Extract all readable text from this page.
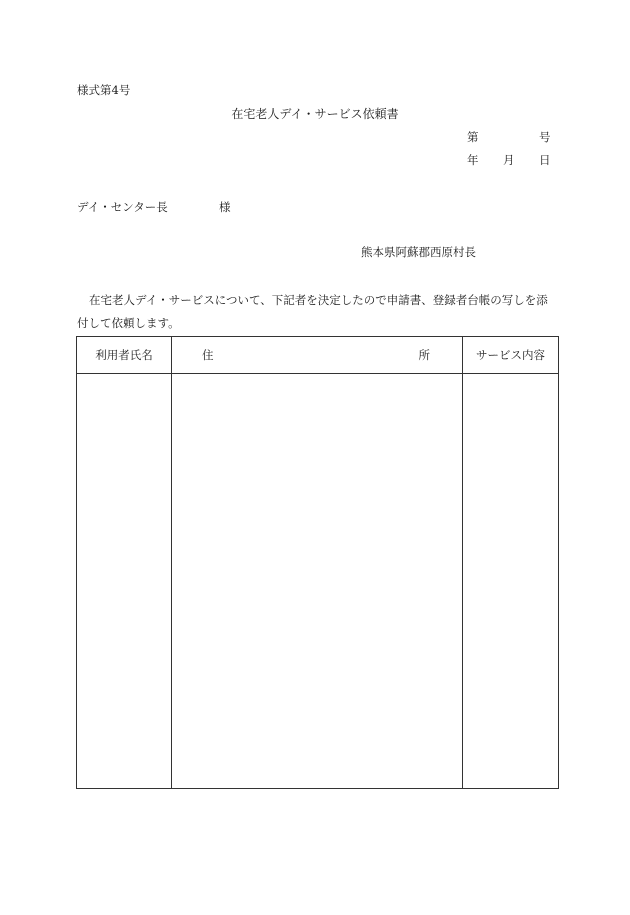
様式第4号
在宅老人デイ・サービス依頼書
第	号
年 月 日
デイ・センター長	様
熊本県阿蘇郡西原村長
在宅老人デイ・サービスについて、下記者を決定したので申請書、登録者台帳の写しを添付して依頼します。
利用者氏名	住 所	サービス内容
